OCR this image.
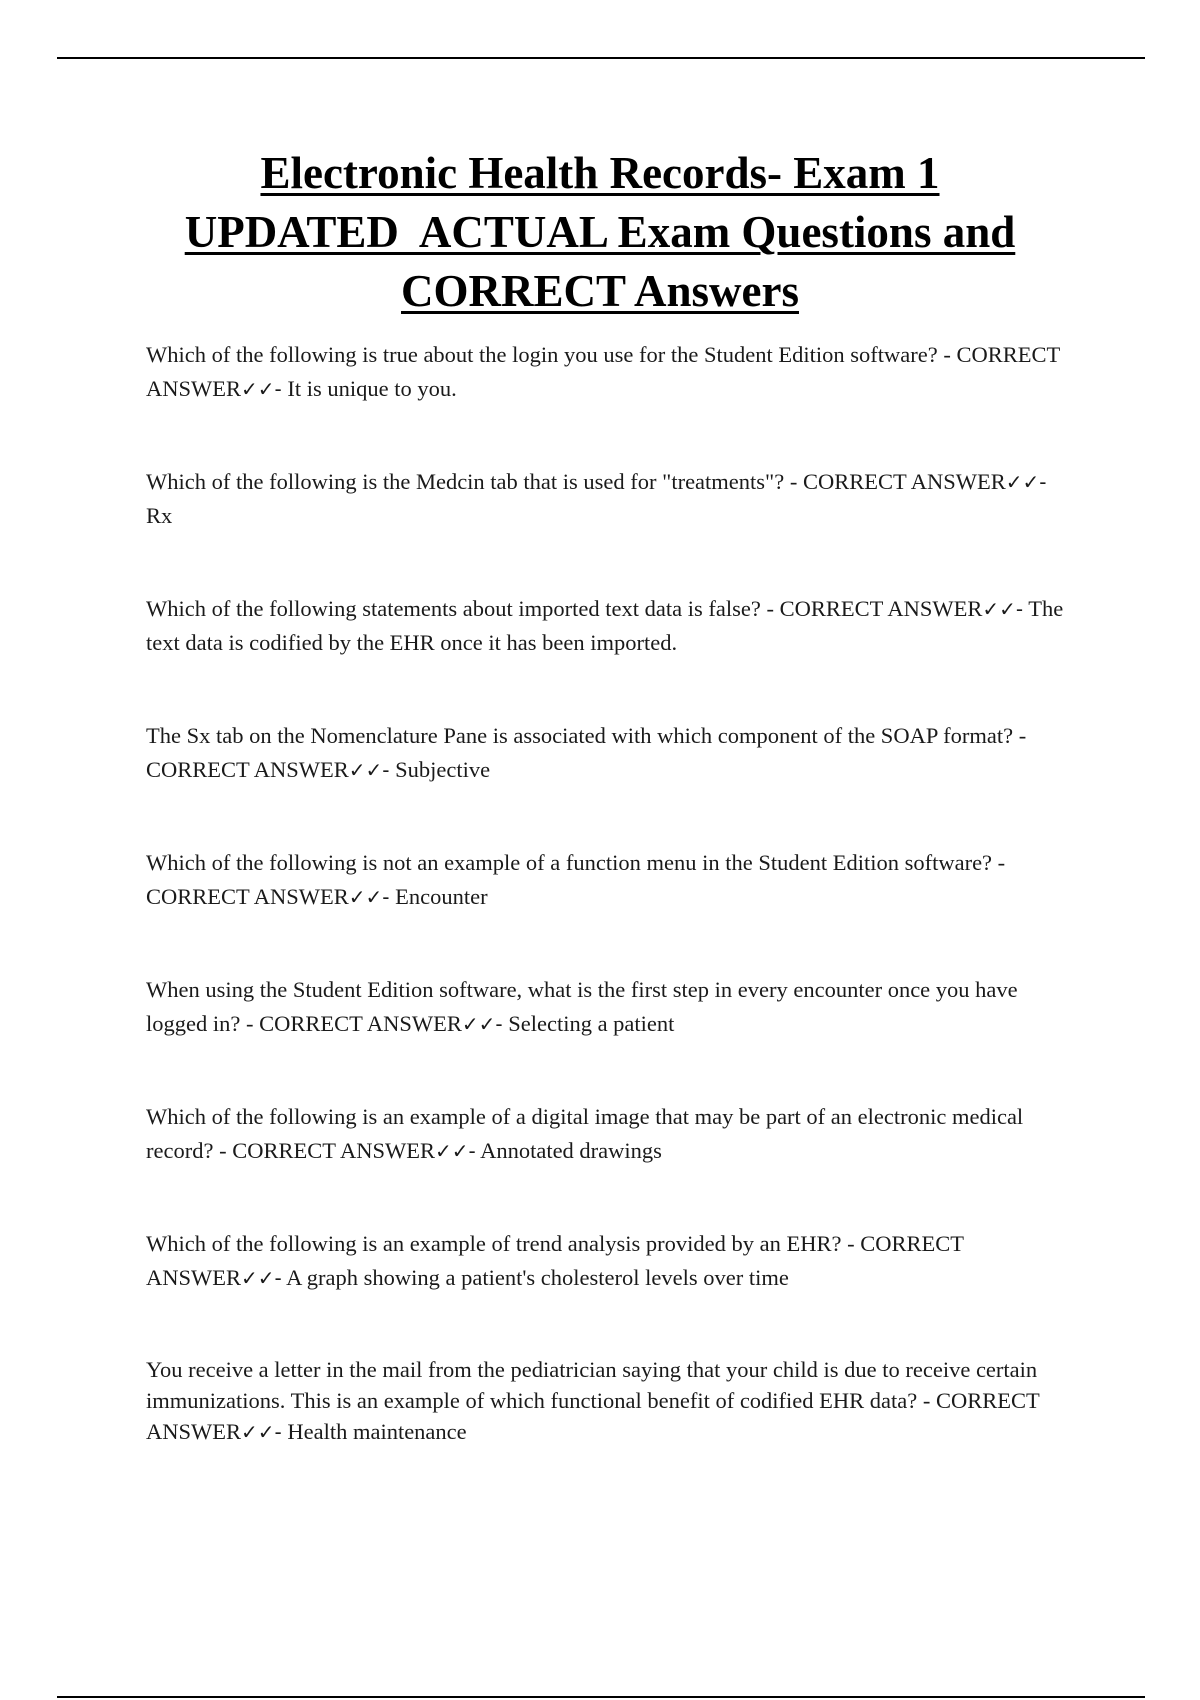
Electronic Health Records- Exam 1
UPDATED  ACTUAL Exam Questions and
CORRECT Answers
Which of the following is true about the login you use for the Student Edition software?- CORRECT ANSWER✓✓- It is unique to you.
Which of the following is the Medcin tab that is used for "treatments"? - CORRECT ANSWER✓✓-Rx
Which of the following statements about imported text data is false? - CORRECT ANSWER✓✓- The text data is codified by the EHR once it has been imported.
The Sx tab on the Nomenclature Pane is associated with which component of the SOAP format?- CORRECT ANSWER✓✓- Subjective
Which of the following is not an example of a function menu in the Student Edition software?- CORRECT ANSWER✓✓- Encounter
When using the Student Edition software, what is the first step in every encounter once you have logged in? - CORRECT ANSWER✓✓- Selecting a patient
Which of the following is an example of a digital image that may be part of an electronic medical record? - CORRECT ANSWER✓✓- Annotated drawings
Which of the following is an example of trend analysis provided by an EHR? - CORRECT ANSWER✓✓- A graph showing a patient's cholesterol levels over time
You receive a letter in the mail from the pediatrician saying that your child is due to receive certain immunizations. This is an example of which functional benefit of codified EHR data? - CORRECT ANSWER✓✓- Health maintenance
